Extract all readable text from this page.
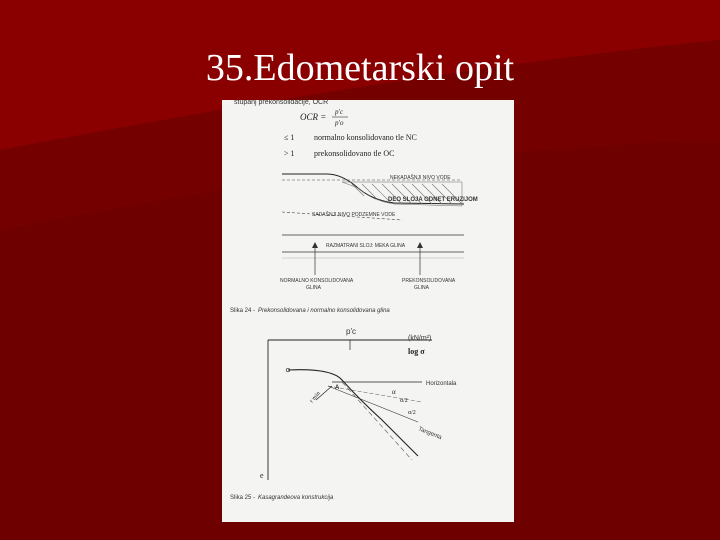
35.Edometarski opit
stupanj prekonsolidacije, OCR
OCR = p'c
p'o
≤ 1 normalno konsolidovano tle NC
> 1 prekonsolidovano tle OC
NEKADAŠNJI NIVO VODE
DEO SLOJA ODNET ERUZIJOM
SADAŠNJI NIVO PODZEMNE VODE
RAZMATRANI SLOJ: MEKA GLINA
NORMALNO KONSOLIDOVANA
GLINA
PREKONSOLIDOVANA
GLINA
Slika 24 - Prekonsolidovana i normalno konsolidovana glina
p'c
(kN/m²)
log σ
Horizontala
Tangenta
A	α
α/2
α/2
r min
e
Slika 25 - Kasagrandeova konstrukcija
